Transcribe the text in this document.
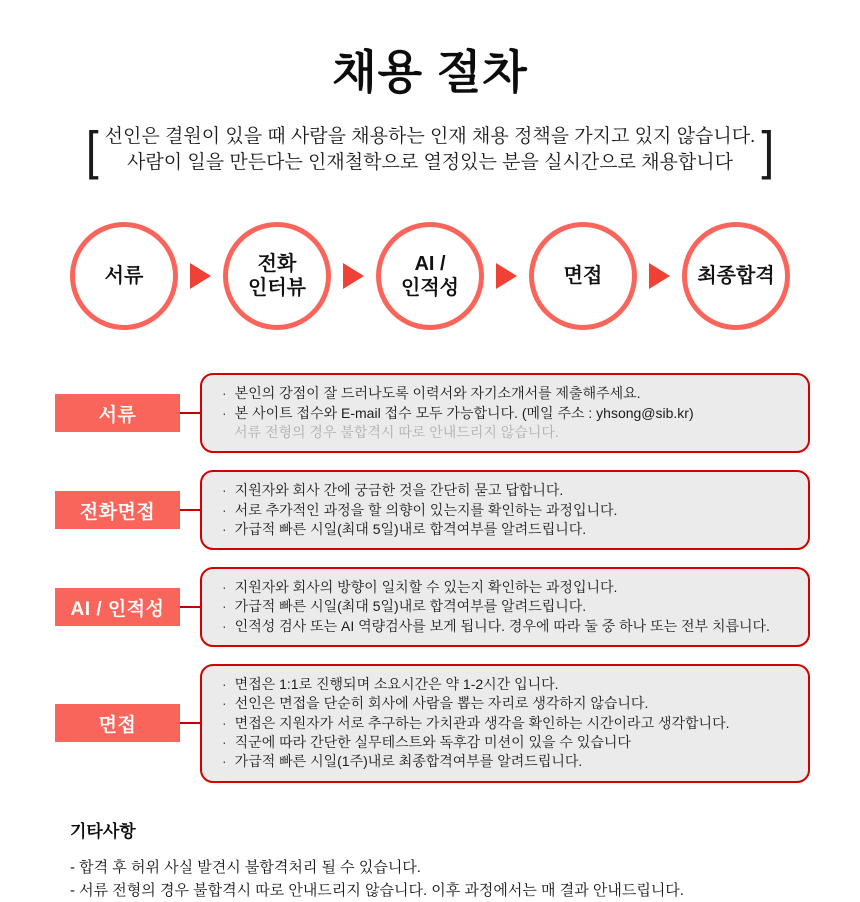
채용 절차
[ 선인은 결원이 있을 때 사람을 채용하는 인재 채용 정책을 가지고 있지 않습니다.
사람이 일을 만든다는 인재철학으로 열정있는 분을 실시간으로 채용합니다 ]
서류
전화
인터뷰
AI /
인적성
면접	최종합격
서류
· 본인의 강점이 잘 드러나도록 이력서와 자기소개서를 제출해주세요.
· 본 사이트 접수와 E-mail 접수 모두 가능합니다. (메일 주소 : yhsong@sib.kr)
서류 전형의 경우 불합격시 따로 안내드리지 않습니다.
전화면접
· 지원자와 회사 간에 궁금한 것을 간단히 묻고 답합니다.
· 서로 추가적인 과정을 할 의향이 있는지를 확인하는 과정입니다.
· 가급적 빠른 시일(최대 5일)내로 합격여부를 알려드립니다.
AI / 인적성
· 지원자와 회사의 방향이 일치할 수 있는지 확인하는 과정입니다.
· 가급적 빠른 시일(최대 5일)내로 합격여부를 알려드립니다.
· 인적성 검사 또는 AI 역량검사를 보게 됩니다. 경우에 따라 둘 중 하나 또는 전부 치릅니다.
면접
· 면접은 1:1로 진행되며 소요시간은 약 1-2시간 입니다.
· 선인은 면접을 단순히 회사에 사람을 뽑는 자리로 생각하지 않습니다.
· 면접은 지원자가 서로 추구하는 가치관과 생각을 확인하는 시간이라고 생각합니다.
· 직군에 따라 간단한 실무테스트와 독후감 미션이 있을 수 있습니다
· 가급적 빠른 시일(1주)내로 최종합격여부를 알려드립니다.
기타사항
- 합격 후 허위 사실 발견시 불합격처리 될 수 있습니다.
- 서류 전형의 경우 불합격시 따로 안내드리지 않습니다. 이후 과정에서는 매 결과 안내드립니다.
